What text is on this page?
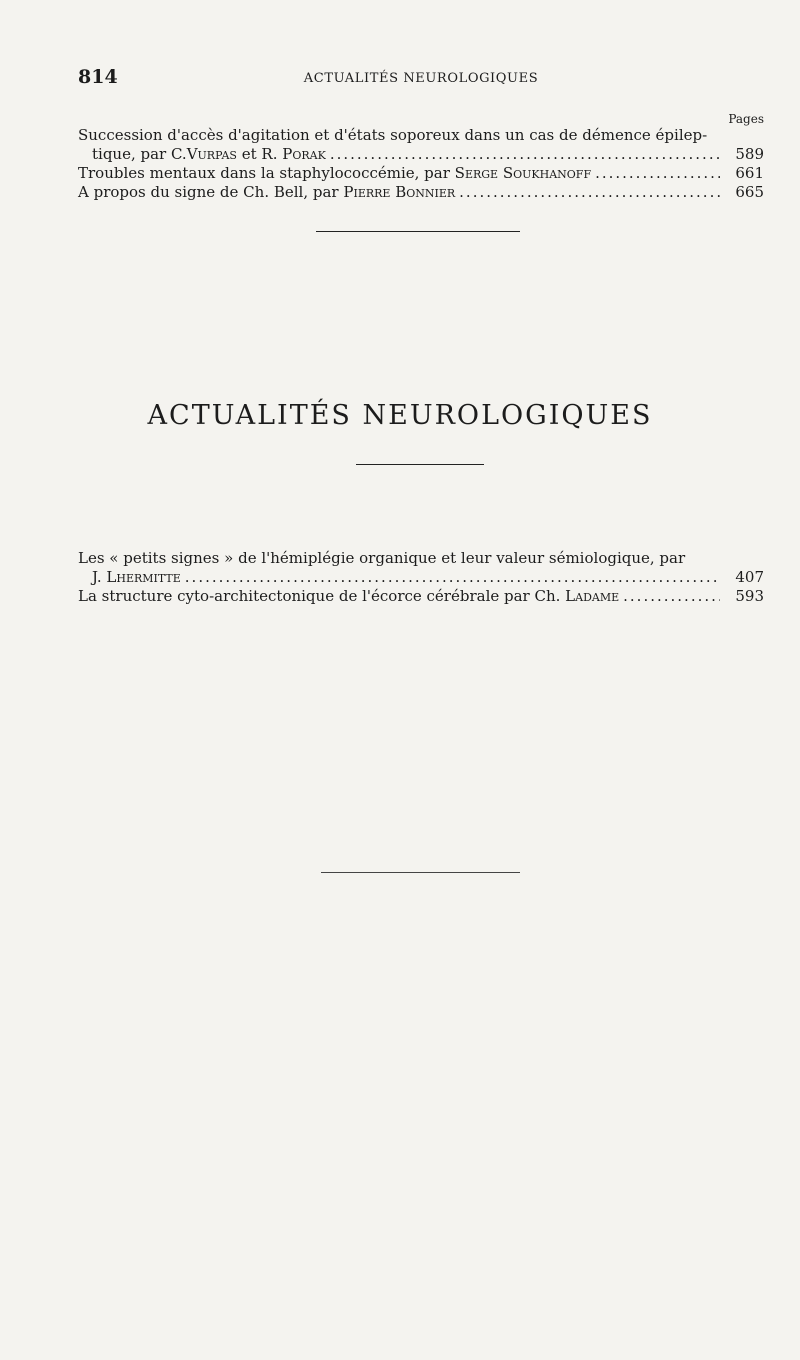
814	ACTUALITÉS NEUROLOGIQUES
Pages
Succession d'accès d'agitation et d'états soporeux dans un cas de démence épilep-
tique, par C. Vurpas et R. Porak .....	589
Troubles mentaux dans la staphylococcémie, par Serge Soukhanoff .....	661
A propos du signe de Ch. Bell, par Pierre Bonnier .....	665
ACTUALITÉS NEUROLOGIQUES
Les « petits signes » de l'hémiplégie organique et leur valeur sémiologique, par
J. Lhermitte .....	407
La structure cyto-architectonique de l'écorce cérébrale par Ch. Ladame .....	593
